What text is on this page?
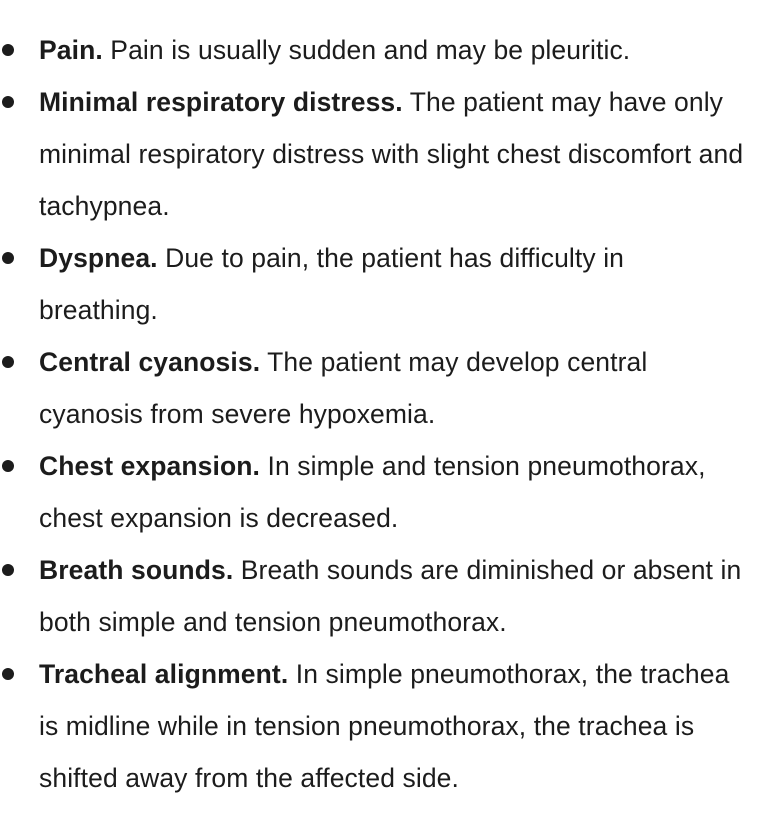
Pain. Pain is usually sudden and may be pleuritic.
Minimal respiratory distress. The patient may have only minimal respiratory distress with slight chest discomfort and tachypnea.
Dyspnea. Due to pain, the patient has difficulty in breathing.
Central cyanosis. The patient may develop central cyanosis from severe hypoxemia.
Chest expansion. In simple and tension pneumothorax, chest expansion is decreased.
Breath sounds. Breath sounds are diminished or absent in both simple and tension pneumothorax.
Tracheal alignment. In simple pneumothorax, the trachea is midline while in tension pneumothorax, the trachea is shifted away from the affected side.
